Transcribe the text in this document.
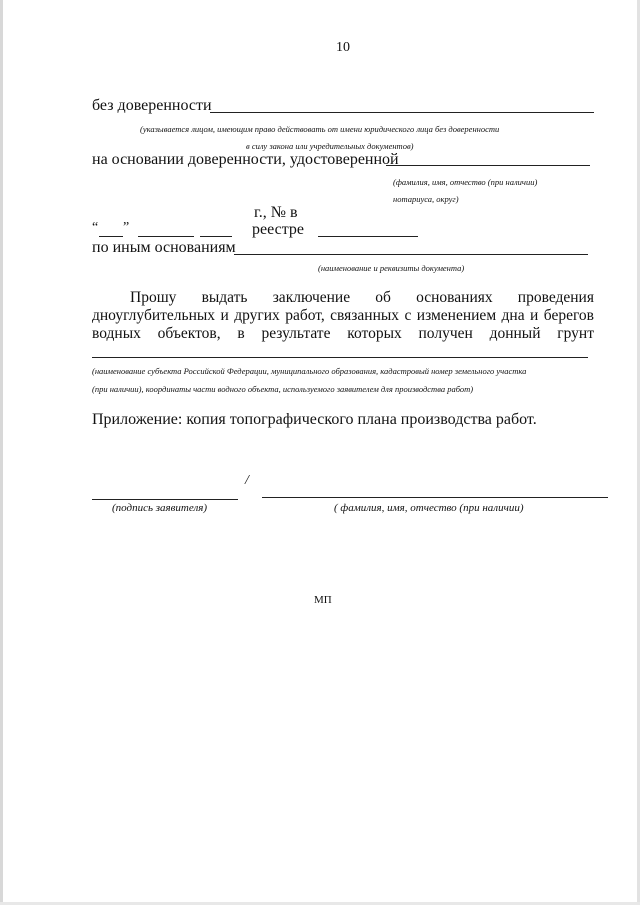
10
без доверенности
(указывается лицом, имеющим право действовать от имени юридического лица без доверенности
в силу закона или учредительных документов)
на основании доверенности, удостоверенной
(фамилия, имя, отчество (при наличии)
нотариуса, округ)
г., № в
“ ”	реестре
по иным основаниям
(наименование и реквизиты документа)
Прошу выдать заключение об основаниях проведения
дноуглубительных и других работ, связанных с изменением дна и берегов
водных объектов, в результате которых получен донный грунт
(наименование субъекта Российской Федерации, муниципального образования, кадастровый номер земельного участка
(при наличии), координаты части водного объекта, используемого заявителем для производства работ)
Приложение: копия топографического плана производства работ.
/
(подпись заявителя)	( фамилия, имя, отчество (при наличии)
МП
